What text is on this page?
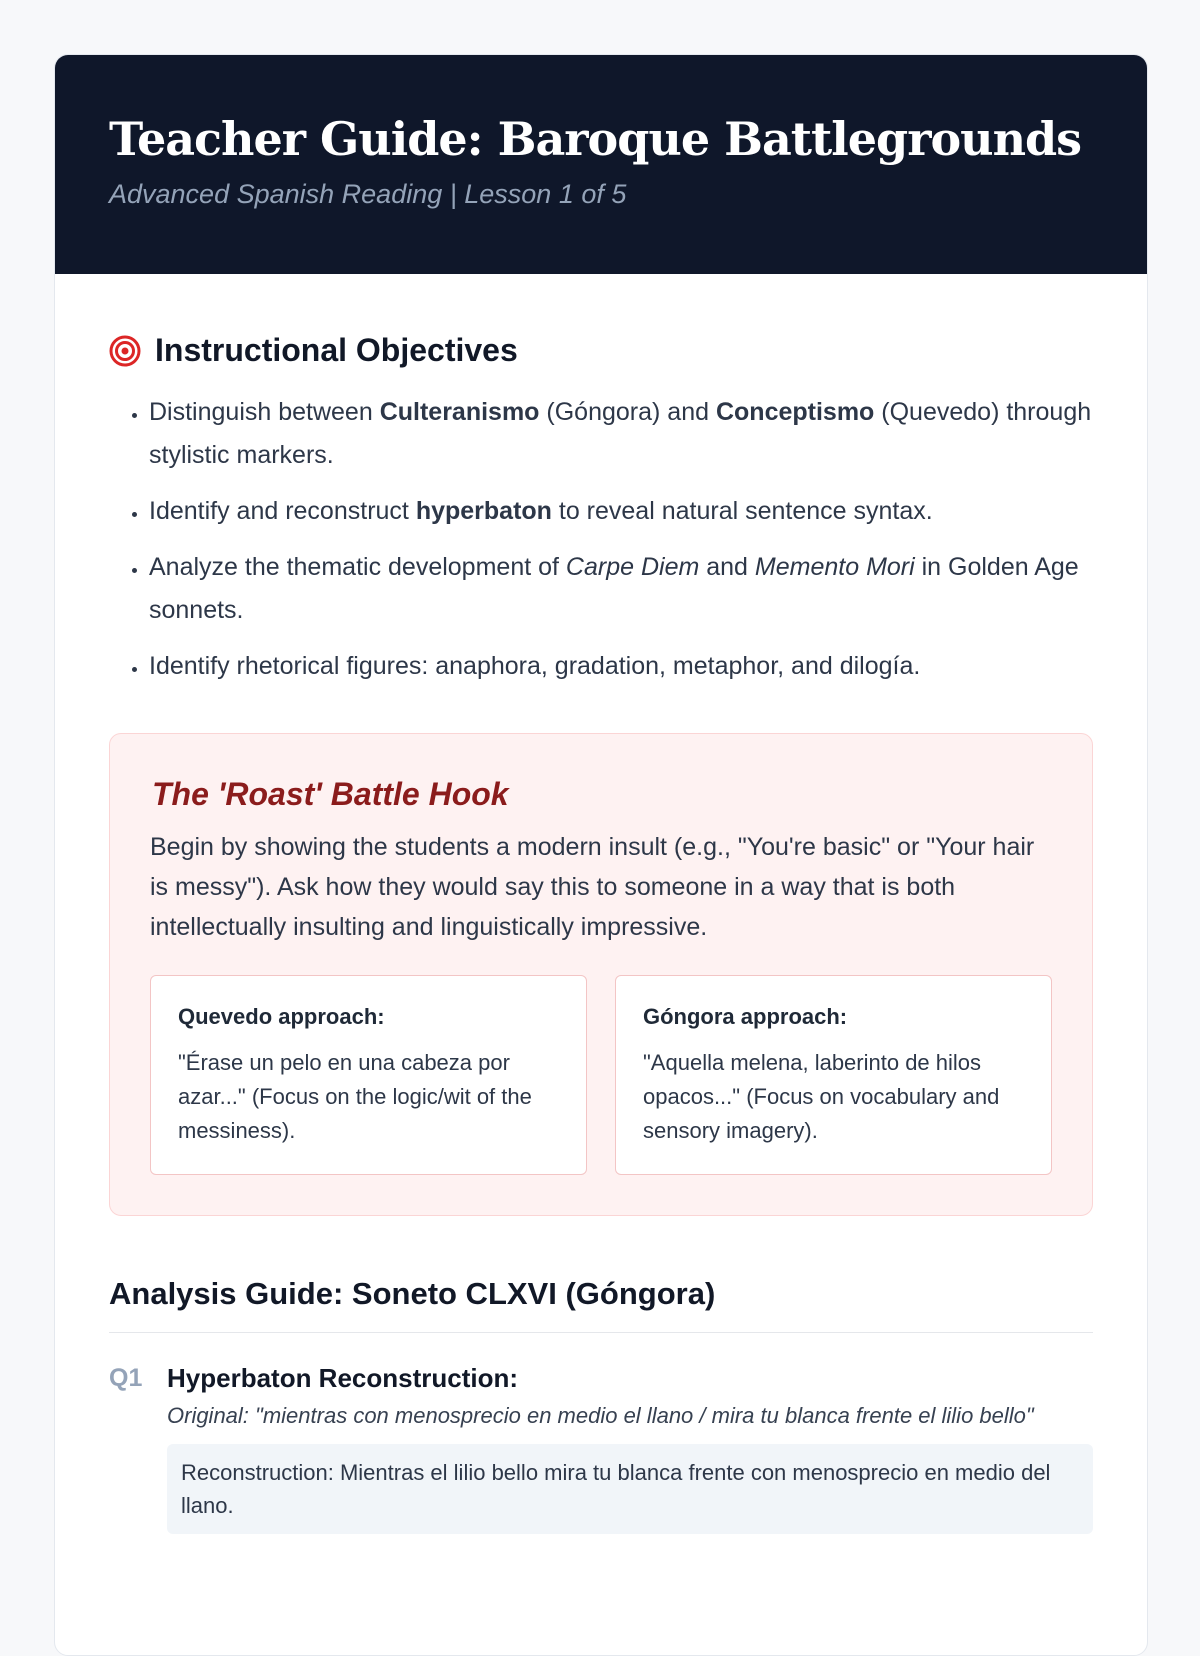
Teacher Guide: Baroque Battlegrounds
Advanced Spanish Reading | Lesson 1 of 5
Instructional Objectives
• Distinguish between Culteranismo (Góngora) and Conceptismo (Quevedo) through stylistic markers.
• Identify and reconstruct hyperbaton to reveal natural sentence syntax.
• Analyze the thematic development of Carpe Diem and Memento Mori in Golden Age sonnets.
• Identify rhetorical figures: anaphora, gradation, metaphor, and dilogía.
The 'Roast' Battle Hook

Begin by showing the students a modern insult (e.g., "You're basic" or "Your hair is messy"). Ask how they would say this to someone in a way that is both intellectually insulting and linguistically impressive.

Quevedo approach:
"Érase un pelo en una cabeza por azar..." (Focus on the logic/wit of the messiness).
Góngora approach:
"Aquella melena, laberinto de hilos opacos..." (Focus on vocabulary and sensory imagery).
Analysis Guide: Soneto CLXVI (Góngora)
Q1 Hyperbaton Reconstruction:
Original: "mientras con menosprecio en medio el llano / mira tu blanca frente el lilio bello"
Reconstruction: Mientras el lilio bello mira tu blanca frente con menosprecio en medio del llano.
